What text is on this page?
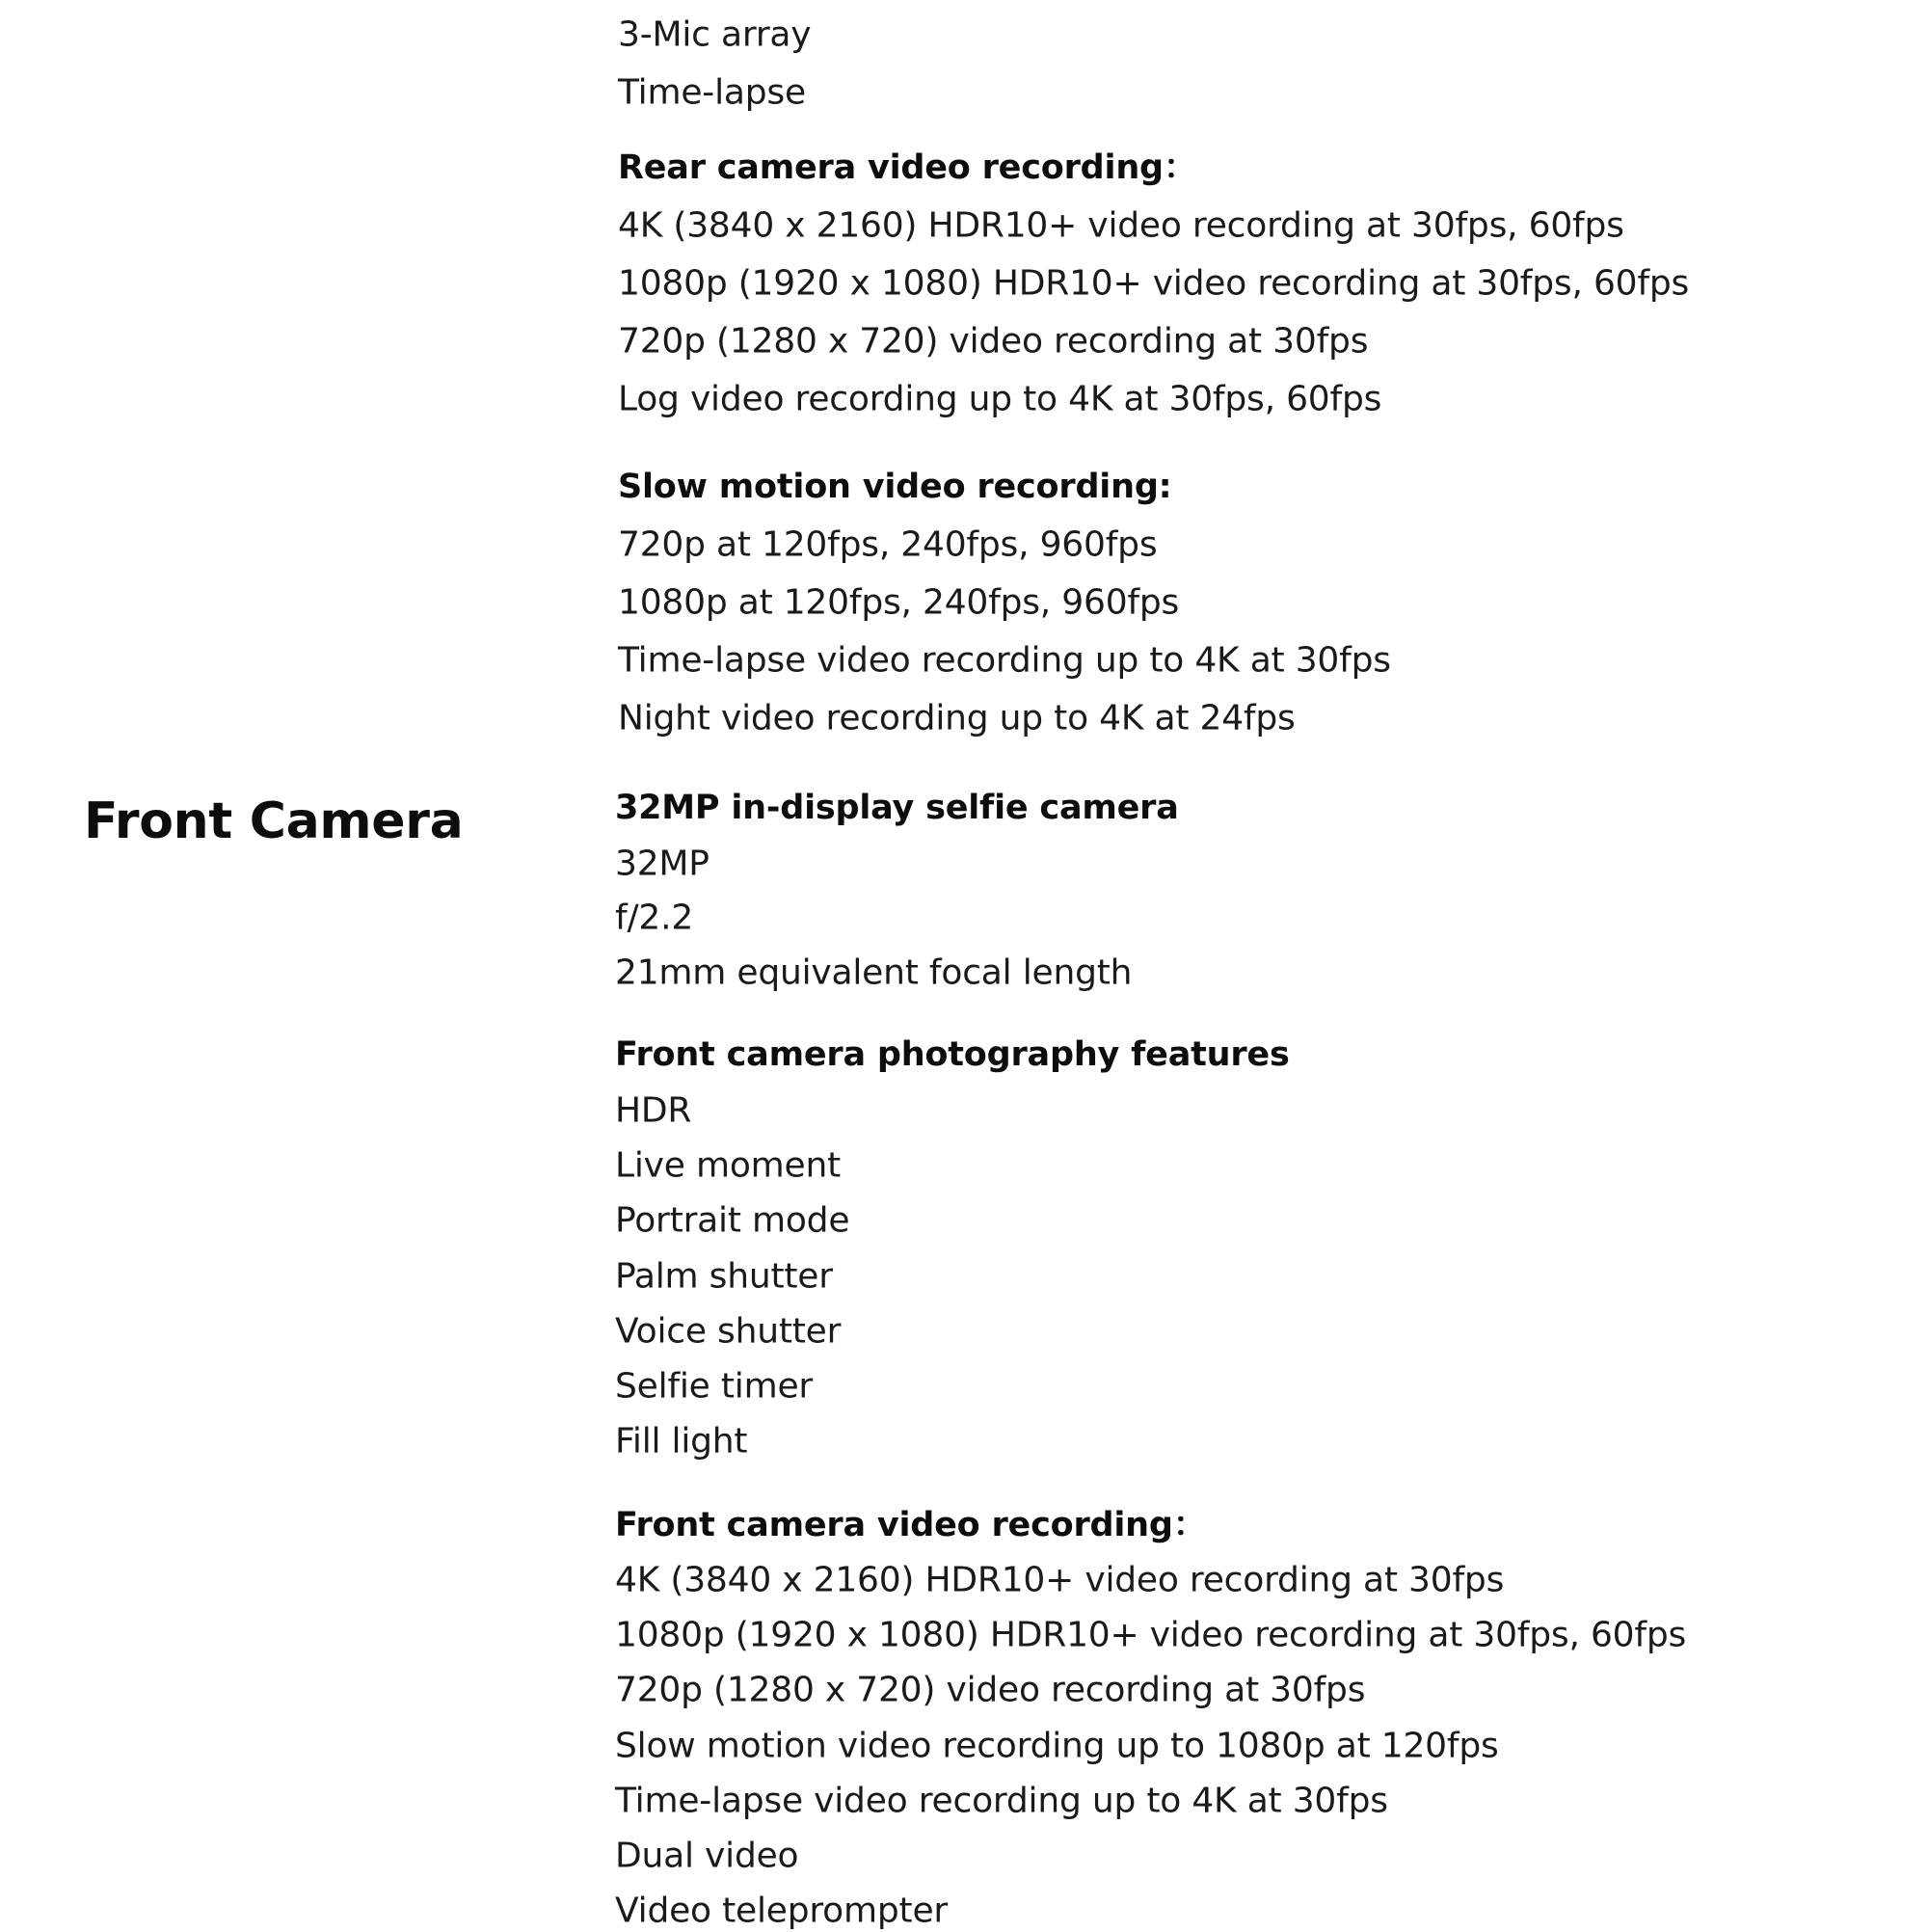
3-Mic array
Time-lapse
Rear camera video recording：
4K (3840 x 2160) HDR10+ video recording at 30fps, 60fps
1080p (1920 x 1080) HDR10+ video recording at 30fps, 60fps
720p (1280 x 720) video recording at 30fps
Log video recording up to 4K at 30fps, 60fps
Slow motion video recording:
720p at 120fps, 240fps, 960fps
1080p at 120fps, 240fps, 960fps
Time-lapse video recording up to 4K at 30fps
Night video recording up to 4K at 24fps
Front Camera	32MP in-display selfie camera
32MP
f/2.2
21mm equivalent focal length
Front camera photography features
HDR
Live moment
Portrait mode
Palm shutter
Voice shutter
Selfie timer
Fill light
Front camera video recording：
4K (3840 x 2160) HDR10+ video recording at 30fps
1080p (1920 x 1080) HDR10+ video recording at 30fps, 60fps
720p (1280 x 720) video recording at 30fps
Slow motion video recording up to 1080p at 120fps
Time-lapse video recording up to 4K at 30fps
Dual video
Video teleprompter
